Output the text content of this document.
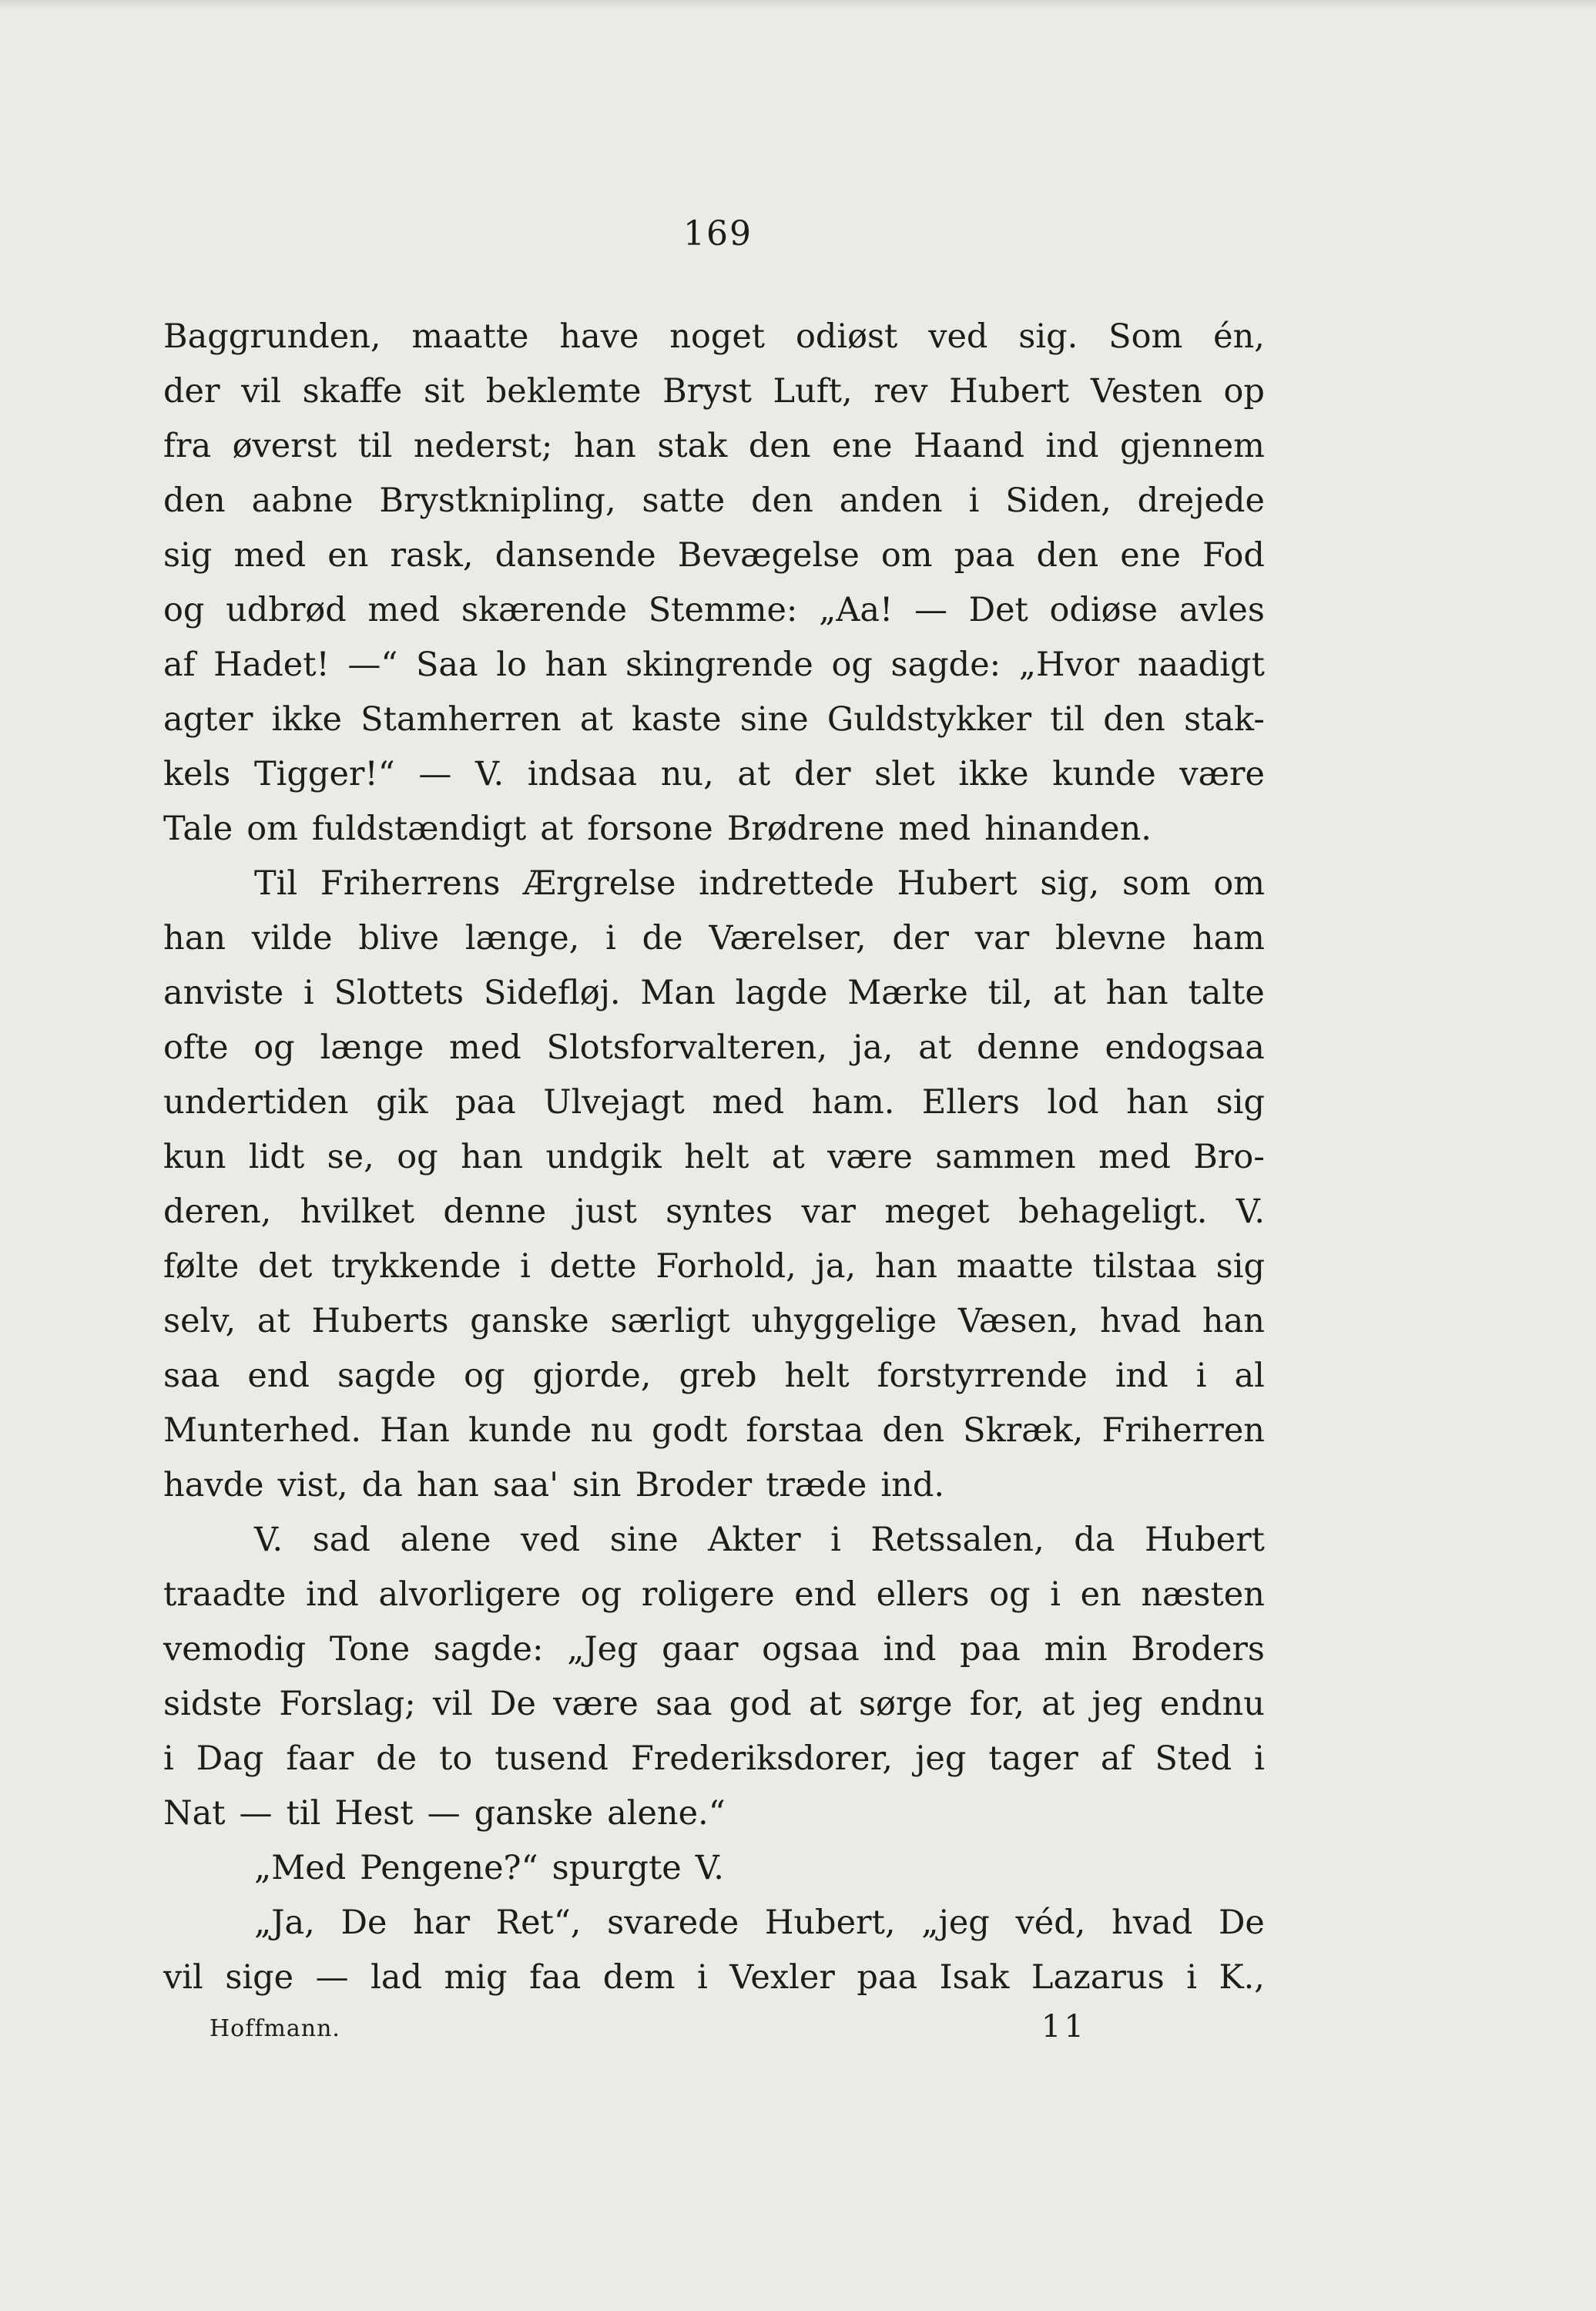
169
Baggrunden, maatte have noget odiøst ved sig. Som én,
der vil skaffe sit beklemte Bryst Luft, rev Hubert Vesten op
fra øverst til nederst; han stak den ene Haand ind gjennem
den aabne Brystknipling, satte den anden i Siden, drejede
sig med en rask, dansende Bevægelse om paa den ene Fod
og udbrød med skærende Stemme: „Aa! — Det odiøse avles
af Hadet! —“ Saa lo han skingrende og sagde: „Hvor naadigt
agter ikke Stamherren at kaste sine Guldstykker til den stak-
kels Tigger!“ — V. indsaa nu, at der slet ikke kunde være
Tale om fuldstændigt at forsone Brødrene med hinanden.
Til Friherrens Ærgrelse indrettede Hubert sig, som om
han vilde blive længe, i de Værelser, der var blevne ham
anviste i Slottets Sidefløj. Man lagde Mærke til, at han talte
ofte og længe med Slotsforvalteren, ja, at denne endogsaa
undertiden gik paa Ulvejagt med ham. Ellers lod han sig
kun lidt se, og han undgik helt at være sammen med Bro-
deren, hvilket denne just syntes var meget behageligt. V.
følte det trykkende i dette Forhold, ja, han maatte tilstaa sig
selv, at Huberts ganske særligt uhyggelige Væsen, hvad han
saa end sagde og gjorde, greb helt forstyrrende ind i al
Munterhed. Han kunde nu godt forstaa den Skræk, Friherren
havde vist, da han saa' sin Broder træde ind.
V. sad alene ved sine Akter i Retssalen, da Hubert
traadte ind alvorligere og roligere end ellers og i en næsten
vemodig Tone sagde: „Jeg gaar ogsaa ind paa min Broders
sidste Forslag; vil De være saa god at sørge for, at jeg endnu
i Dag faar de to tusend Frederiksdorer, jeg tager af Sted i
Nat — til Hest — ganske alene.“
„Med Pengene?“ spurgte V.
„Ja, De har Ret“, svarede Hubert, „jeg véd, hvad De
vil sige — lad mig faa dem i Vexler paa Isak Lazarus i K.,
Hoffmann.	11
